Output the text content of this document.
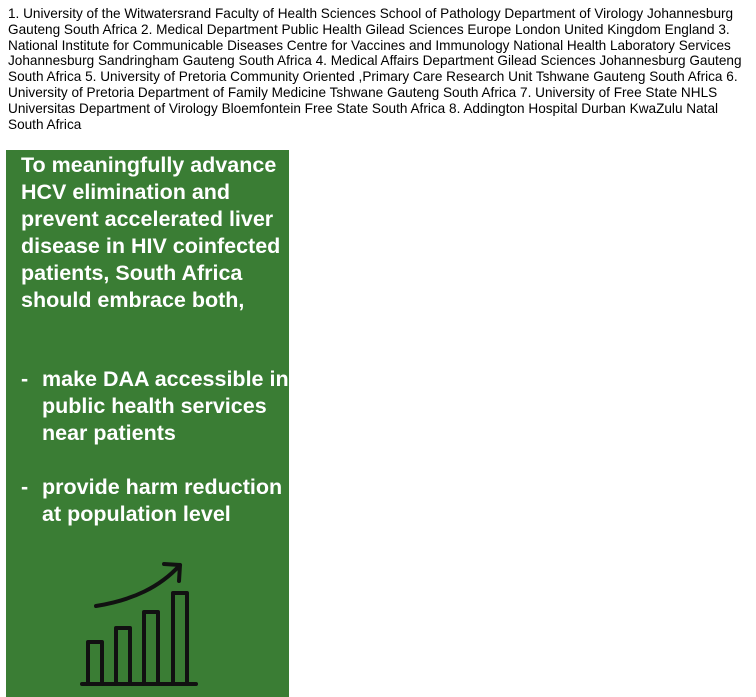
1. University of the Witwatersrand Faculty of Health Sciences School of Pathology Department of Virology Johannesburg Gauteng South Africa 2. Medical Department Public Health Gilead Sciences Europe London United Kingdom England 3. National Institute for Communicable Diseases Centre for Vaccines and Immunology National Health Laboratory Services Johannesburg Sandringham Gauteng South Africa 4. Medical Affairs Department Gilead Sciences Johannesburg Gauteng South Africa 5. University of Pretoria Community Oriented ,Primary Care Research Unit Tshwane Gauteng South Africa 6. University of Pretoria Department of Family Medicine Tshwane Gauteng South Africa 7. University of Free State NHLS Universitas Department of Virology Bloemfontein Free State South Africa 8. Addington Hospital Durban KwaZulu Natal South Africa

To meaningfully advance HCV elimination and prevent accelerated liver disease in HIV coinfected patients, South Africa should embrace both,

- make DAA accessible in public health services near patients
- provide harm reduction at population level
